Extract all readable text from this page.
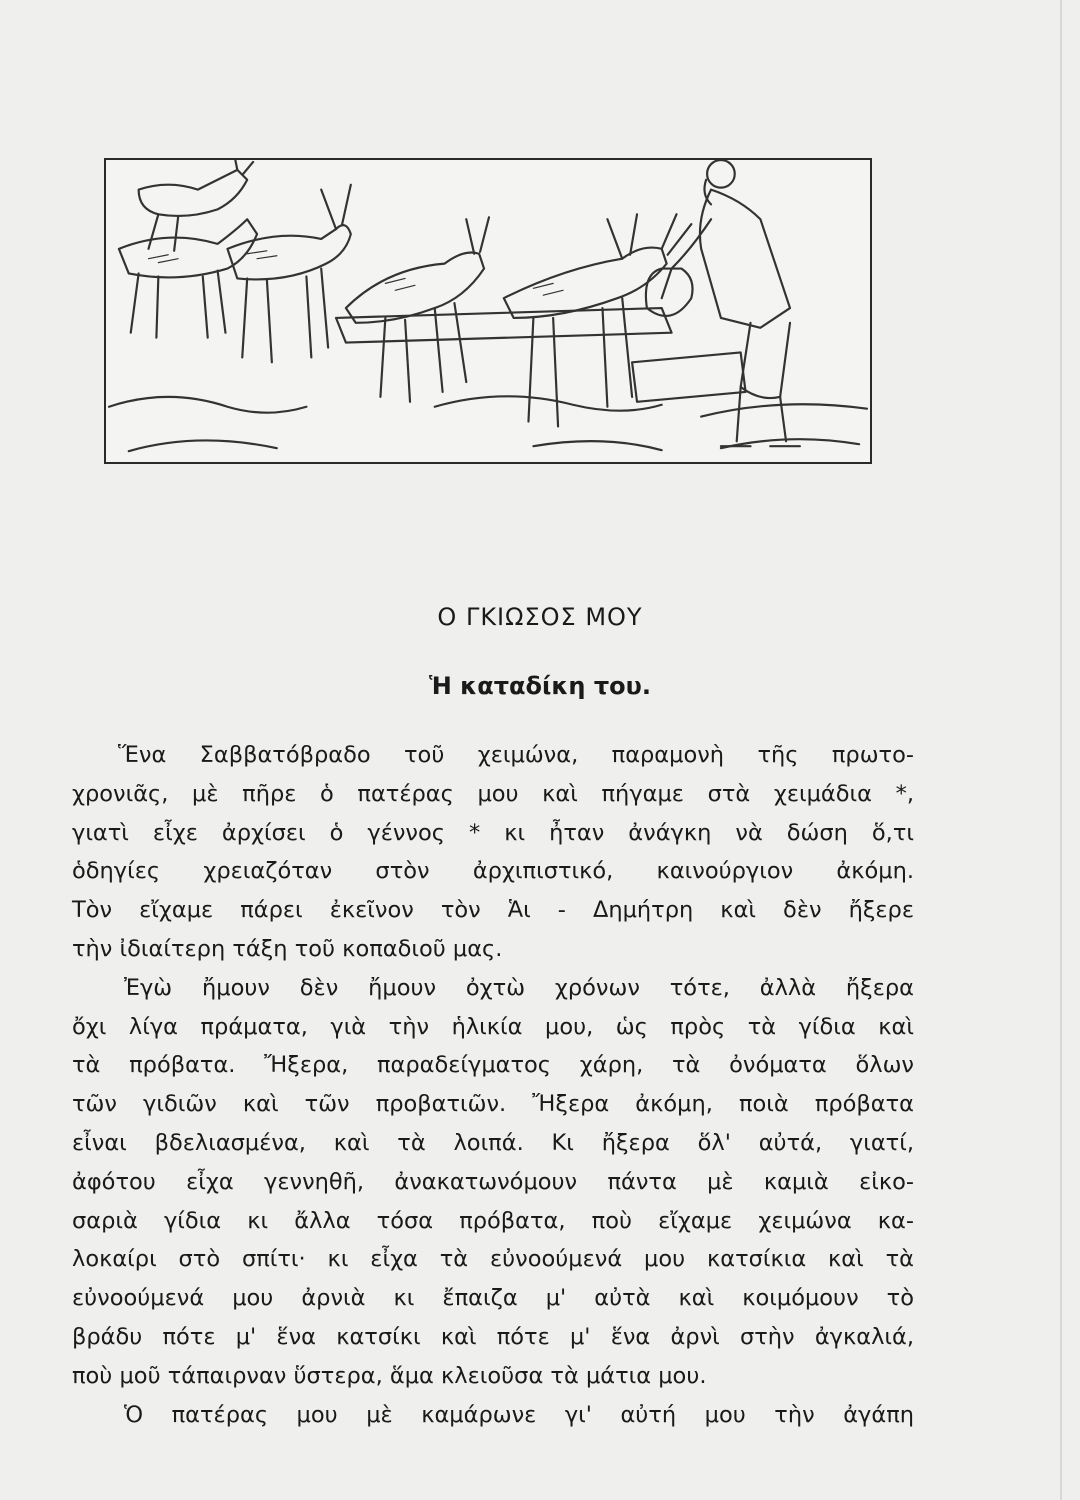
Ο ΓΚΙΩΣΟΣ ΜΟΥ
Ἡ καταδίκη του.
Ἕνα Σαββατόβραδο τοῦ χειμώνα, παραμονὴ τῆς πρωτο-
χρονιᾶς, μὲ πῆρε ὁ πατέρας μου καὶ πήγαμε στὰ χειμάδια *,
γιατὶ εἶχε ἀρχίσει ὁ γέννος * κι ἦταν ἀνάγκη νὰ δώση ὅ,τι
ὁδηγίες χρειαζόταν στὸν ἀρχιπιστικό, καινούργιον ἀκόμη.
Τὸν εἴχαμε πάρει ἐκεῖνον τὸν Ἁι - Δημήτρη καὶ δὲν ἤξερε
τὴν ἰδιαίτερη τάξη τοῦ κοπαδιοῦ μας.
Ἐγὼ ἤμουν δὲν ἤμουν ὀχτὼ χρόνων τότε, ἀλλὰ ἤξερα
ὄχι λίγα πράματα, γιὰ τὴν ἡλικία μου, ὡς πρὸς τὰ γίδια καὶ
τὰ πρόβατα. Ἤξερα, παραδείγματος χάρη, τὰ ὀνόματα ὅλων
τῶν γιδιῶν καὶ τῶν προβατιῶν. Ἤξερα ἀκόμη, ποιὰ πρόβατα
εἶναι βδελιασμένα, καὶ τὰ λοιπά. Κι ἤξερα ὅλ' αὐτά, γιατί,
ἀφότου εἶχα γεννηθῆ, ἀνακατωνόμουν πάντα μὲ καμιὰ εἰκο-
σαριὰ γίδια κι ἄλλα τόσα πρόβατα, ποὺ εἴχαμε χειμώνα κα-
λοκαίρι στὸ σπίτι· κι εἶχα τὰ εὐνοούμενά μου κατσίκια καὶ τὰ
εὐνοούμενά μου ἀρνιὰ κι ἔπαιζα μ' αὐτὰ καὶ κοιμόμουν τὸ
βράδυ πότε μ' ἕνα κατσίκι καὶ πότε μ' ἕνα ἀρνὶ στὴν ἀγκαλιά,
ποὺ μοῦ τάπαιρναν ὕστερα, ἅμα κλειοῦσα τὰ μάτια μου.
Ὁ πατέρας μου μὲ καμάρωνε γι' αὐτή μου τὴν ἀγάπη
